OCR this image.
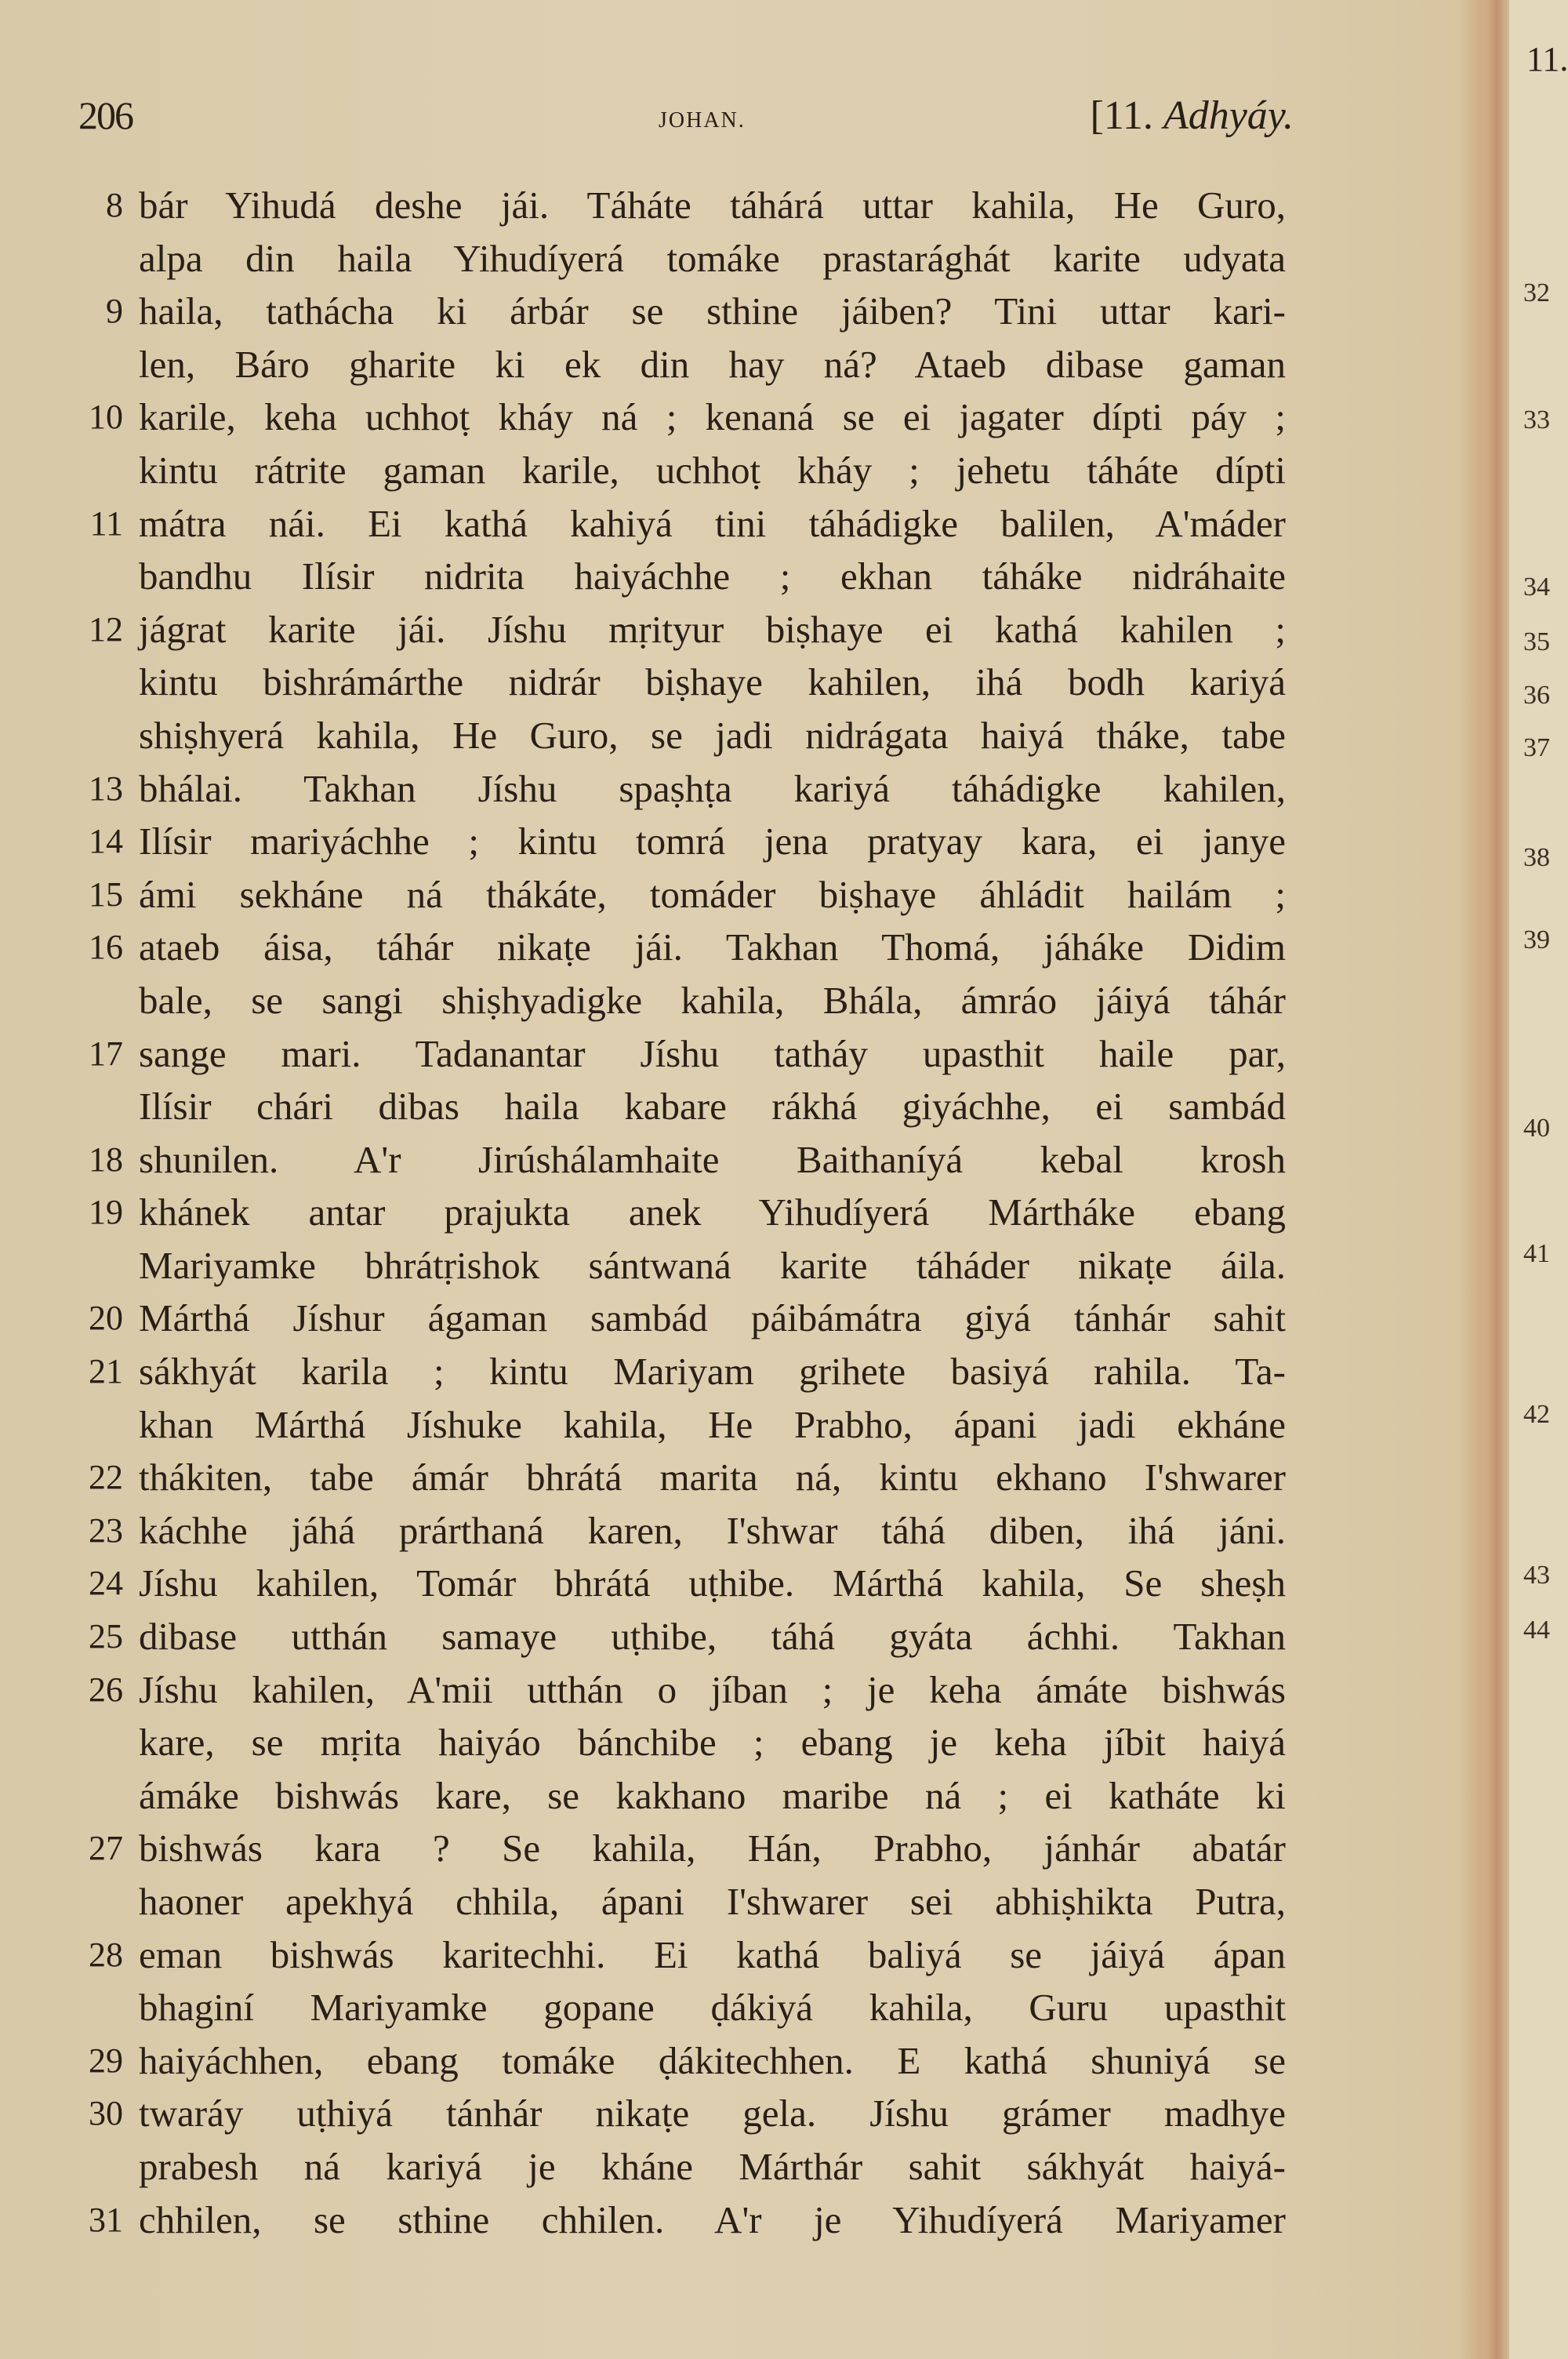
206	JOHAN.	[11. Adhyáy.
8 bár Yihudá deshe jái. Táháte táhárá uttar kahila, He Guro,
alpa din haila Yihudíyerá tomáke prastarághát karite udyata
9 haila, tathácha ki árbár se sthine jáiben? Tini uttar kari-
len, Báro gharite ki ek din hay ná? Ataeb dibase gaman
10 karile, keha uchhoṭ kháy ná ; kenaná se ei jagater dípti páy ;
kintu rátrite gaman karile, uchhoṭ kháy ; jehetu táháte dípti
11 mátra nái. Ei kathá kahiyá tini táhádigke balilen, A'máder
bandhu Ilísir nidrita haiyáchhe ; ekhan táháke nidráhaite
12 jágrat karite jái. Jíshu mṛityur biṣhaye ei kathá kahilen ;
kintu bishrámárthe nidrár biṣhaye kahilen, ihá bodh kariyá
shiṣhyerá kahila, He Guro, se jadi nidrágata haiyá tháke, tabe
13 bhálai. Takhan Jíshu spaṣhṭa kariyá táhádigke kahilen,
14 Ilísir mariyáchhe ; kintu tomrá jena pratyay kara, ei janye
15 ámi sekháne ná thákáte, tomáder biṣhaye áhládit hailám ;
16 ataeb áisa, táhár nikaṭe jái. Takhan Thomá, jáháke Didim
bale, se sangi shiṣhyadigke kahila, Bhála, ámráo jáiyá táhár
17 sange mari. Tadanantar Jíshu tatháy upasthit haile par,
Ilísir chári dibas haila kabare rákhá giyáchhe, ei sambád
18 shunilen. A'r Jirúshálamhaite Baithaníyá kebal krosh
19 khánek antar prajukta anek Yihudíyerá Mártháke ebang
Mariyamke bhrátṛishok sántwaná karite táháder nikaṭe áila.
20 Márthá Jíshur ágaman sambád páibámátra giyá tánhár sahit
21 sákhyát karila ; kintu Mariyam grihete basiyá rahila. Ta-
khan Márthá Jíshuke kahila, He Prabho, ápani jadi ekháne
22 thákiten, tabe ámár bhrátá marita ná, kintu ekhano I'shwarer
23 káchhe jáhá prárthaná karen, I'shwar táhá diben, ihá jáni.
24 Jíshu kahilen, Tomár bhrátá uṭhibe. Márthá kahila, Se sheṣh
25 dibase utthán samaye uṭhibe, táhá gyáta áchhi. Takhan
26 Jíshu kahilen, A'mii utthán o jíban ; je keha ámáte bishwás
kare, se mṛita haiyáo bánchibe ; ebang je keha jíbit haiyá
ámáke bishwás kare, se kakhano maribe ná ; ei katháte ki
27 bishwás kara ? Se kahila, Hán, Prabho, jánhár abatár
haoner apekhyá chhila, ápani I'shwarer sei abhiṣhikta Putra,
28 eman bishwás karitechhi. Ei kathá baliyá se jáiyá ápan
bhaginí Mariyamke gopane ḍákiyá kahila, Guru upasthit
29 haiyáchhen, ebang tomáke ḍákitechhen. E kathá shuniyá se
30 twaráy uṭhiyá tánhár nikaṭe gela. Jíshu grámer madhye
prabesh ná kariyá je kháne Márthár sahit sákhyát haiyá-
31 chhilen, se sthine chhilen. A'r je Yihudíyerá Mariyamer
11.
32
33
34
35
36
37
38
39
40
41
42
43
44
